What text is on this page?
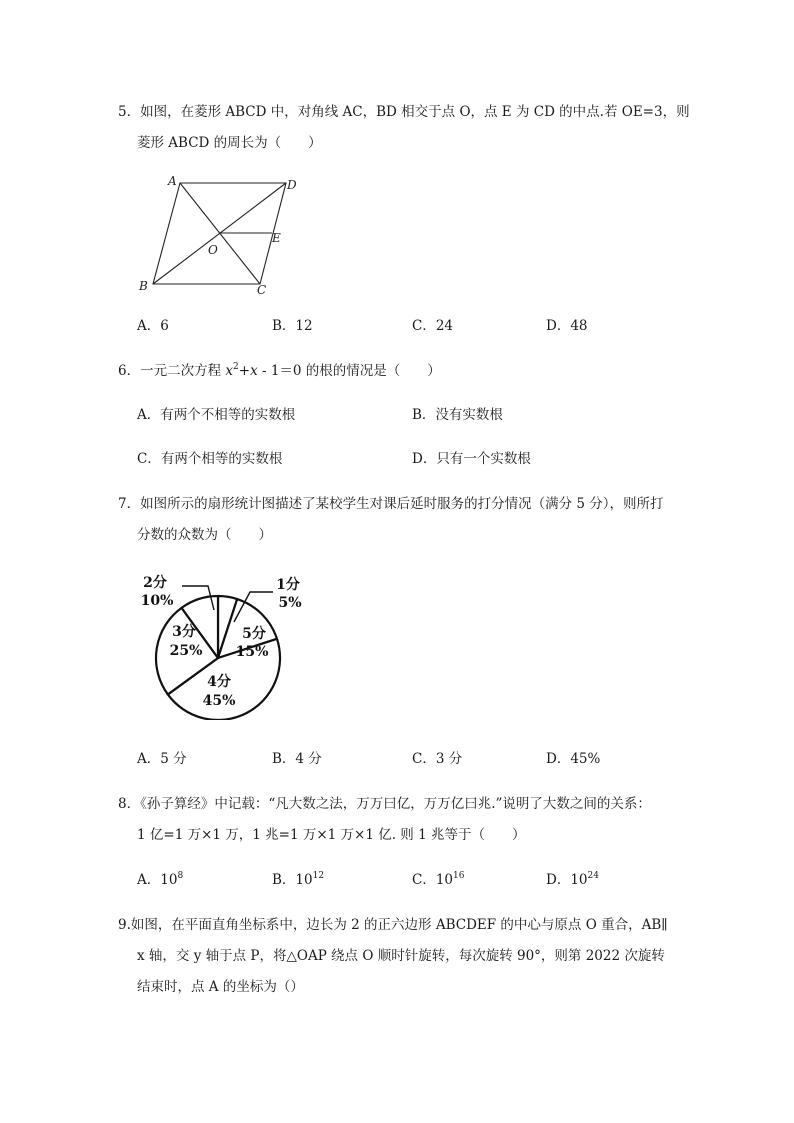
5．如图，在菱形 ABCD 中，对角线 AC，BD 相交于点 O，点 E 为 CD 的中点.若 OE=3，则
菱形 ABCD 的周长为（　　）
A	D
E
O
B	C
A．6	B．12	C．24	D．48
6．一元二次方程 $x^2+x - 1=0$ 的根的情况是（　　）
A．有两个不相等的实数根	B．没有实数根
C．有两个相等的实数根	D．只有一个实数根
7．如图所示的扇形统计图描述了某校学生对课后延时服务的打分情况（满分 5 分），则所打
分数的众数为（　　）
2分
10%
1分
5%
3分
25%
5分
15%
4分
45%
A．5 分	B．4 分	C．3 分	D．45%
8．《孙子算经》中记载：“凡大数之法，万万曰亿，万万亿曰兆.”说明了大数之间的关系：
1 亿=1 万×1 万，1 兆=1 万×1 万×1 亿. 则 1 兆等于（　　）
A．$10^8$	B．$10^{12}$	C．$10^{16}$	D．$10^{24}$
9.如图，在平面直角坐标系中，边长为 2 的正六边形 ABCDEF 的中心与原点 O 重合，AB∥
x 轴，交 y 轴于点 P，将△OAP 绕点 O 顺时针旋转，每次旋转 90°，则第 2022 次旋转
结束时，点 A 的坐标为（）
